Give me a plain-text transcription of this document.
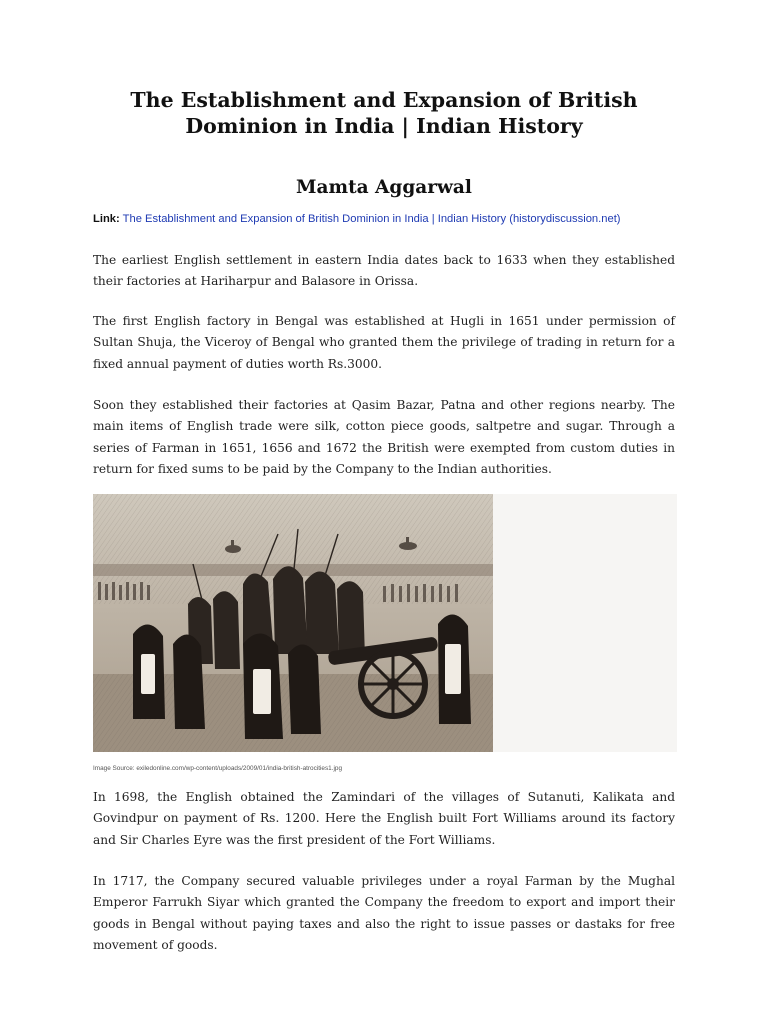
The Establishment and Expansion of British Dominion in India | Indian History
Mamta Aggarwal
Link: The Establishment and Expansion of British Dominion in India | Indian History (historydiscussion.net)

The earliest English settlement in eastern India dates back to 1633 when they established their factories at Hariharpur and Balasore in Orissa.

The first English factory in Bengal was established at Hugli in 1651 under permission of Sultan Shuja, the Viceroy of Bengal who granted them the privilege of trading in return for a fixed annual payment of duties worth Rs.3000.

Soon they established their factories at Qasim Bazar, Patna and other regions nearby. The main items of English trade were silk, cotton piece goods, saltpetre and sugar. Through a series of Farman in 1651, 1656 and 1672 the British were exempted from custom duties in return for fixed sums to be paid by the Company to the Indian authorities.

Image Source: exiledonline.com/wp-content/uploads/2009/01/india-british-atrocities1.jpg

In 1698, the English obtained the Zamindari of the villages of Sutanuti, Kalikata and Govindpur on payment of Rs. 1200. Here the English built Fort Williams around its factory and Sir Charles Eyre was the first president of the Fort Williams.

In 1717, the Company secured valuable privileges under a royal Farman by the Mughal Emperor Farrukh Siyar which granted the Company the freedom to export and import their goods in Bengal without paying taxes and also the right to issue passes or dastaks for free movement of goods.
